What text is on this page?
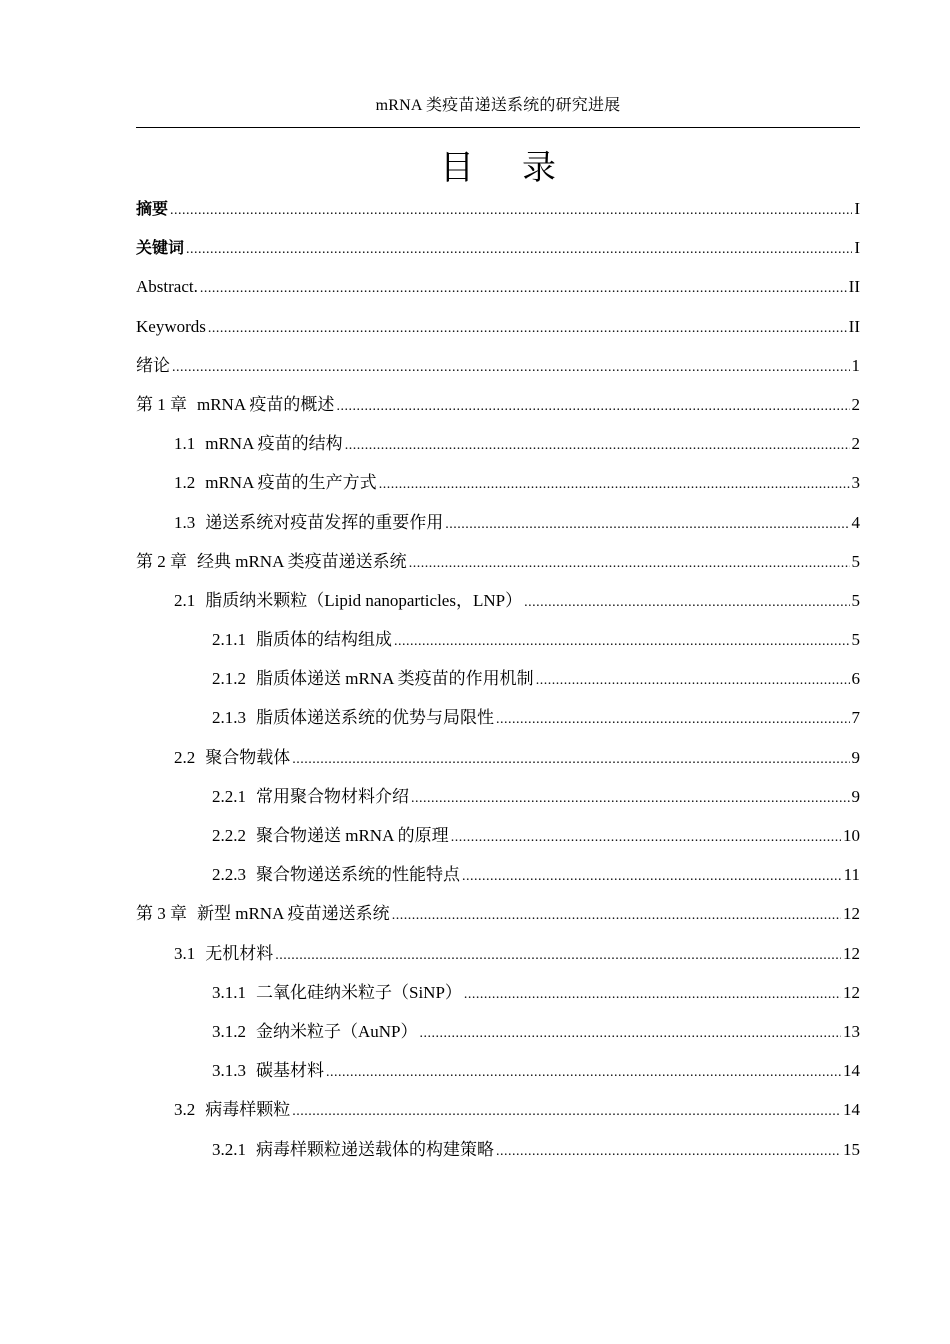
mRNA 类疫苗递送系统的研究进展
目录
摘要 .....	I
关键词 .....	I
Abstract. .....	II
Keywords .....	II
绪论 .....	1
第 1 章 mRNA 疫苗的概述 .....	2
1.1 mRNA 疫苗的结构 .....	2
1.2 mRNA 疫苗的生产方式 .....	3
1.3 递送系统对疫苗发挥的重要作用 .....	4
第 2 章 经典 mRNA 类疫苗递送系统 .....	5
2.1 脂质纳米颗粒（Lipid nanoparticles，LNP） .....	5
2.1.1 脂质体的结构组成 .....	5
2.1.2 脂质体递送 mRNA 类疫苗的作用机制 .....	6
2.1.3 脂质体递送系统的优势与局限性 .....	7
2.2 聚合物载体 .....	9
2.2.1 常用聚合物材料介绍 .....	9
2.2.2 聚合物递送 mRNA 的原理 .....	10
2.2.3 聚合物递送系统的性能特点 .....	11
第 3 章 新型 mRNA 疫苗递送系统 .....	12
3.1 无机材料 .....	12
3.1.1 二氧化硅纳米粒子（SiNP） .....	12
3.1.2 金纳米粒子（AuNP） .....	13
3.1.3 碳基材料 .....	14
3.2 病毒样颗粒 .....	14
3.2.1 病毒样颗粒递送载体的构建策略 .....	15
